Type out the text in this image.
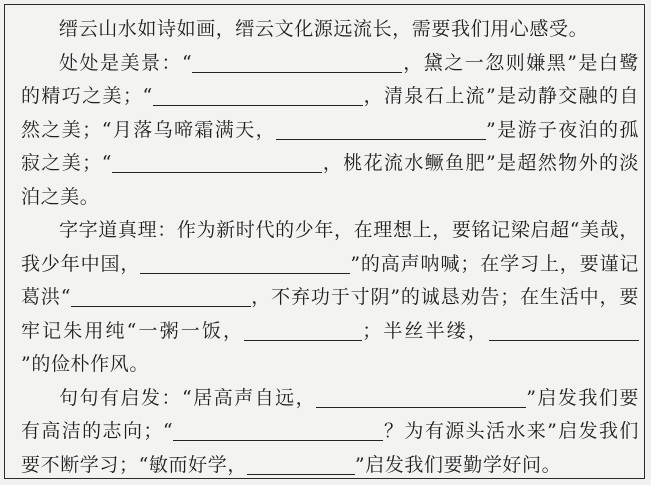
缙云山水如诗如画，缙云文化源远流长，需要我们用心感受。

处处是美景：“	，黛之一忽则嫌黑”是白鹭的精巧之美；“	，清泉石上流”是动静交融的自然之美；“月落乌啼霜满天，	”是游子夜泊的孤寂之美；“	，桃花流水鳜鱼肥”是超然物外的淡泊之美。

字字道真理：作为新时代的少年，在理想上，要铭记梁启超“美哉，我少年中国，	”的高声呐喊；在学习上，要谨记葛洪“	，不弃功于寸阴”的诚恳劝告；在生活中，要牢记朱用纯“一粥一饭，	；半丝半缕，”的俭朴作风。

句句有启发：“居高声自远，	”启发我们要有高洁的志向；“	？为有源头活水来”启发我们要不断学习；“敏而好学，	”启发我们要勤学好问。
